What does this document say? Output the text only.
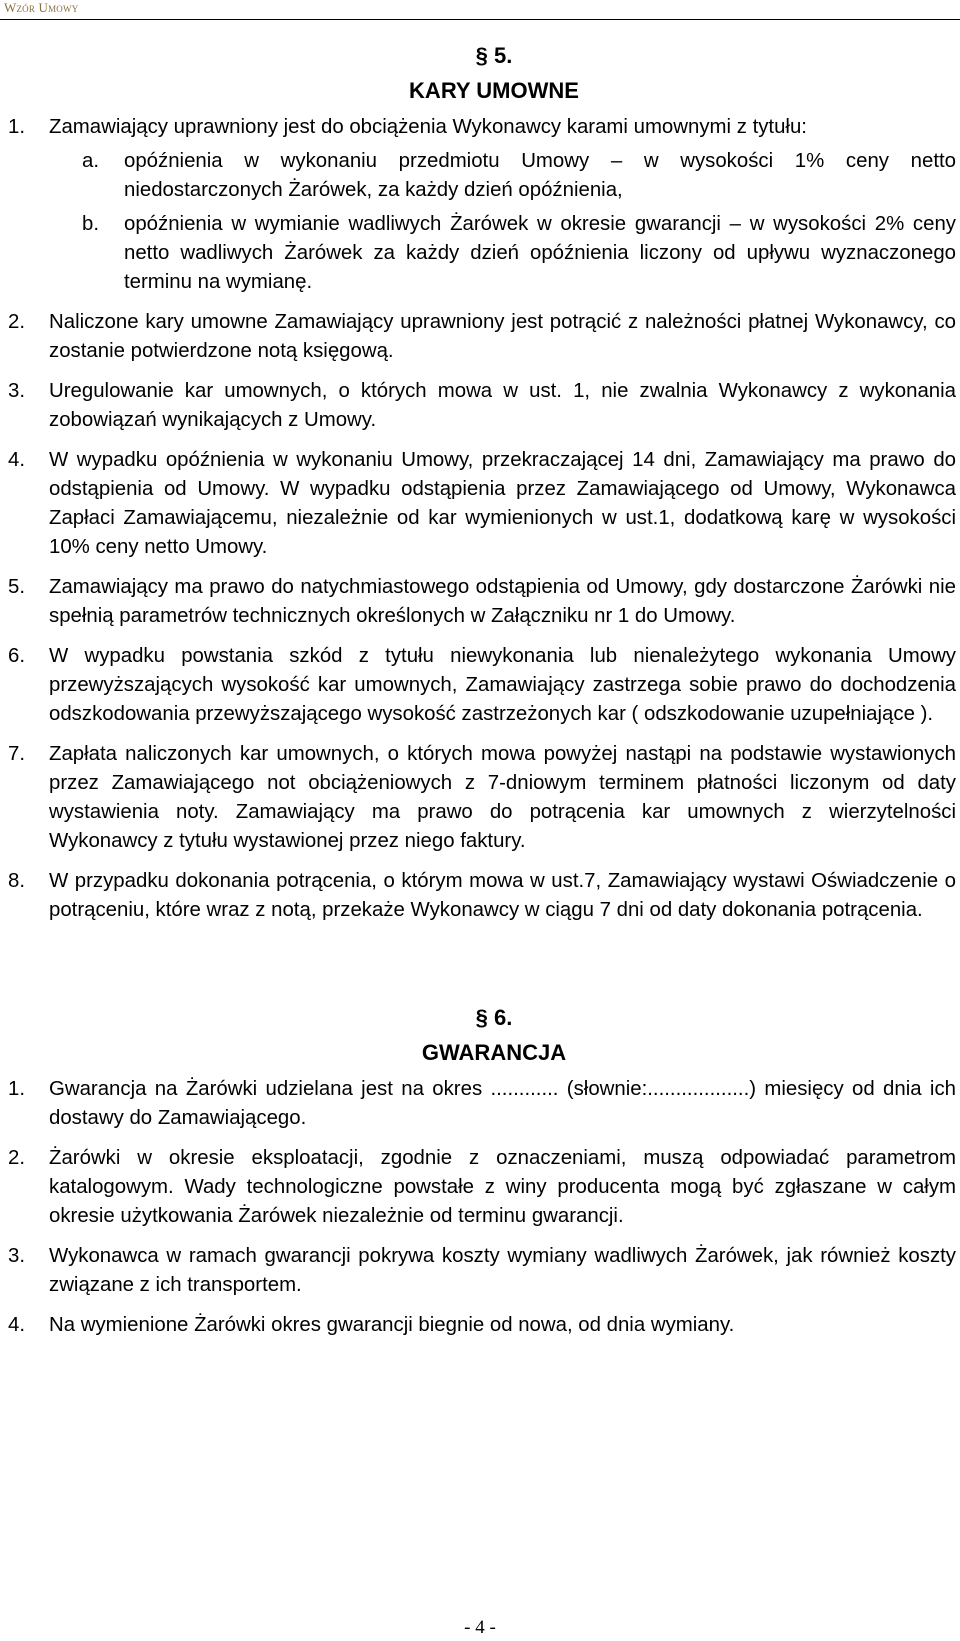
Wzór Umowy
§ 5.
KARY UMOWNE
1.	Zamawiający uprawniony jest do obciążenia Wykonawcy karami umownymi z tytułu:
a.	opóźnienia w wykonaniu przedmiotu Umowy – w wysokości 1% ceny netto niedostarczonych Żarówek, za każdy dzień opóźnienia,
b.	opóźnienia w wymianie wadliwych Żarówek w okresie gwarancji – w wysokości 2% ceny netto wadliwych Żarówek za każdy dzień opóźnienia liczony od upływu wyznaczonego terminu na wymianę.
2.	Naliczone kary umowne Zamawiający uprawniony jest potrącić z należności płatnej Wykonawcy, co zostanie potwierdzone notą księgową.
3.	Uregulowanie kar umownych, o których mowa w ust. 1, nie zwalnia Wykonawcy z wykonania zobowiązań wynikających z Umowy.
4.	W wypadku opóźnienia w wykonaniu Umowy, przekraczającej 14 dni, Zamawiający ma prawo do odstąpienia od Umowy. W wypadku odstąpienia przez Zamawiającego od Umowy, Wykonawca Zapłaci Zamawiającemu, niezależnie od kar wymienionych w ust.1, dodatkową karę w wysokości 10% ceny netto Umowy.
5.	Zamawiający ma prawo do natychmiastowego odstąpienia od Umowy, gdy dostarczone Żarówki nie spełnią parametrów technicznych określonych w Załączniku nr 1 do Umowy.
6.	W wypadku powstania szkód z tytułu niewykonania lub nienależytego wykonania Umowy przewyższających wysokość kar umownych, Zamawiający zastrzega sobie prawo do dochodzenia odszkodowania przewyższającego wysokość zastrzeżonych kar ( odszkodowanie uzupełniające ).
7.	Zapłata naliczonych kar umownych, o których mowa powyżej nastąpi na podstawie wystawionych przez Zamawiającego not obciążeniowych z 7-dniowym terminem płatności liczonym od daty wystawienia noty. Zamawiający ma prawo do potrącenia kar umownych z wierzytelności Wykonawcy z tytułu wystawionej przez niego faktury.
8.	W przypadku dokonania potrącenia, o którym mowa w ust.7, Zamawiający wystawi Oświadczenie o potrąceniu, które wraz z notą, przekaże Wykonawcy w ciągu 7 dni od daty dokonania potrącenia.
§ 6.
GWARANCJA
1.	Gwarancja na Żarówki udzielana jest na okres ............ (słownie:..................) miesięcy od dnia ich dostawy do Zamawiającego.
2.	Żarówki w okresie eksploatacji, zgodnie z oznaczeniami, muszą odpowiadać parametrom katalogowym. Wady technologiczne powstałe z winy producenta mogą być zgłaszane w całym okresie użytkowania Żarówek niezależnie od terminu gwarancji.
3.	Wykonawca w ramach gwarancji pokrywa koszty wymiany wadliwych Żarówek, jak również koszty związane z ich transportem.
4.	Na wymienione Żarówki okres gwarancji biegnie od nowa, od dnia wymiany.
- 4 -
